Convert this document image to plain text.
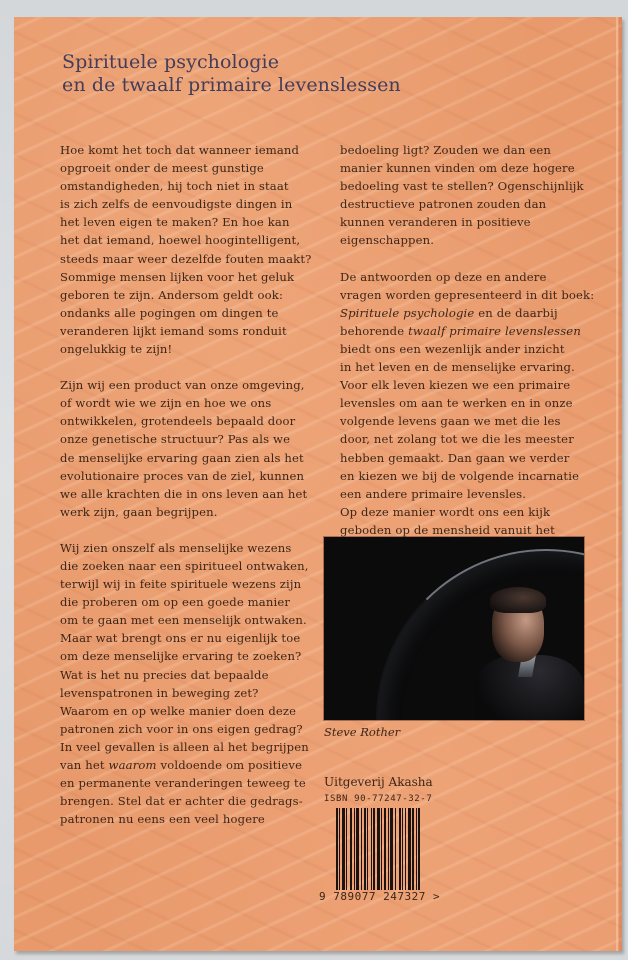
Spirituele psychologie
en de twaalf primaire levenslessen

Hoe komt het toch dat wanneer iemand
opgroeit onder de meest gunstige
omstandigheden, hij toch niet in staat
is zich zelfs de eenvoudigste dingen in
het leven eigen te maken? En hoe kan
het dat iemand, hoewel hoogintelligent,
steeds maar weer dezelfde fouten maakt?
Sommige mensen lijken voor het geluk
geboren te zijn. Andersom geldt ook:
ondanks alle pogingen om dingen te
veranderen lijkt iemand soms ronduit
ongelukkig te zijn!

Zijn wij een product van onze omgeving,
of wordt wie we zijn en hoe we ons
ontwikkelen, grotendeels bepaald door
onze genetische structuur? Pas als we
de menselijke ervaring gaan zien als het
evolutionaire proces van de ziel, kunnen
we alle krachten die in ons leven aan het
werk zijn, gaan begrijpen.

Wij zien onszelf als menselijke wezens
die zoeken naar een spiritueel ontwaken,
terwijl wij in feite spirituele wezens zijn
die proberen om op een goede manier
om te gaan met een menselijk ontwaken.
Maar wat brengt ons er nu eigenlijk toe
om deze menselijke ervaring te zoeken?
Wat is het nu precies dat bepaalde
levenspatronen in beweging zet?
Waarom en op welke manier doen deze
patronen zich voor in ons eigen gedrag?
In veel gevallen is alleen al het begrijpen
van het waarom voldoende om positieve
en permanente veranderingen teweeg te
brengen. Stel dat er achter die gedrags-
patronen nu eens een veel hogere

bedoeling ligt? Zouden we dan een
manier kunnen vinden om deze hogere
bedoeling vast te stellen? Ogenschijnlijk
destructieve patronen zouden dan
kunnen veranderen in positieve
eigenschappen.

De antwoorden op deze en andere
vragen worden gepresenteerd in dit boek:
Spirituele psychologie en de daarbij
behorende twaalf primaire levenslessen
biedt ons een wezenlijk ander inzicht
in het leven en de menselijke ervaring.
Voor elk leven kiezen we een primaire
levensles om aan te werken en in onze
volgende levens gaan we met die les
door, net zolang tot we die les meester
hebben gemaakt. Dan gaan we verder
en kiezen we bij de volgende incarnatie
een andere primaire levensles.
Op deze manier wordt ons een kijk
geboden op de mensheid vanuit het

Steve Rother
Uitgeverij Akasha
ISBN 90-77247-32-7
9 789077 247327 >
